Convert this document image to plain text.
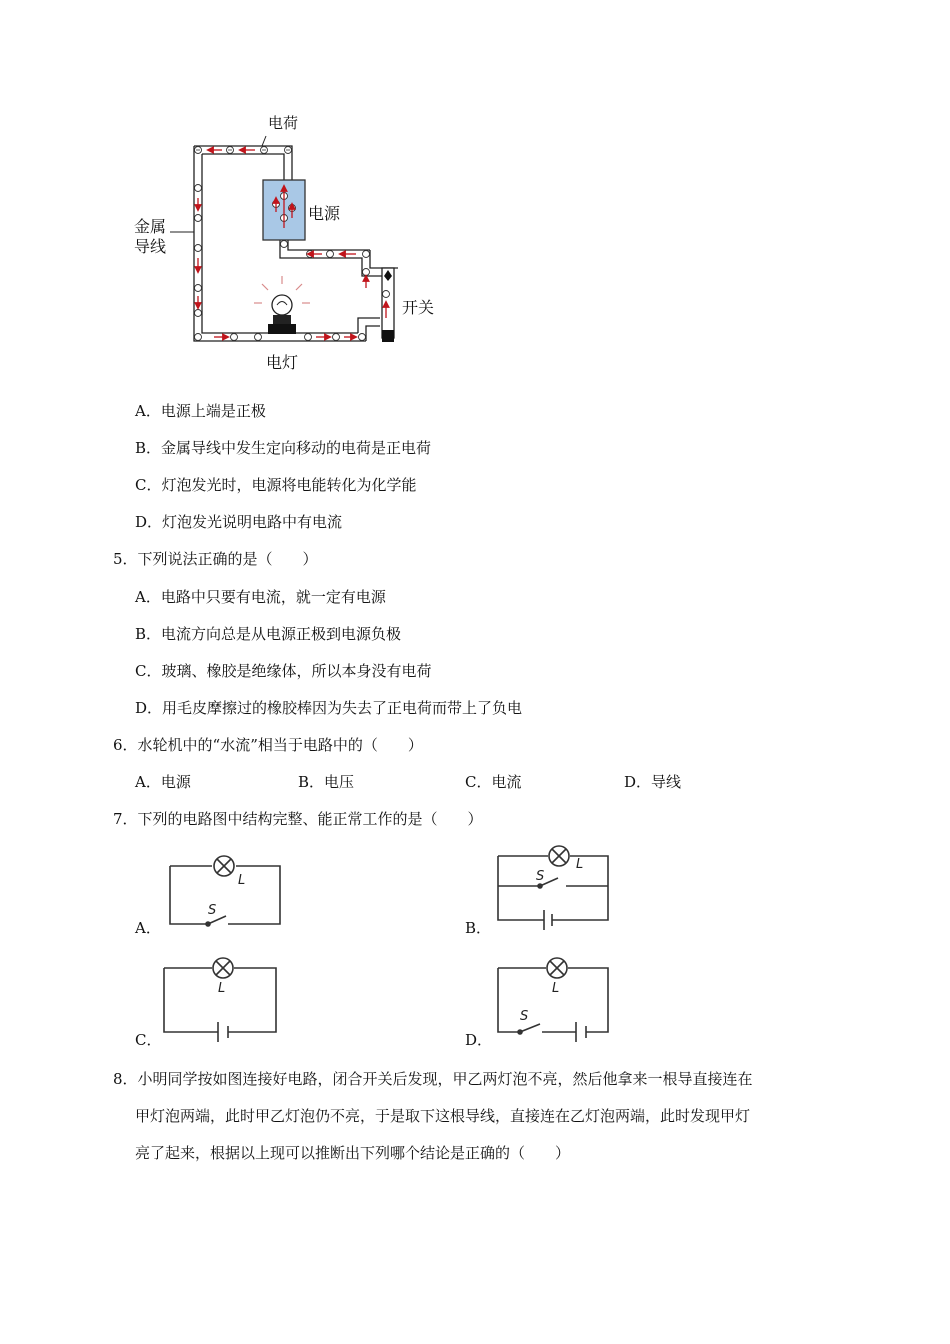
电荷
电源
金属
导线
开关
电灯
A．电源上端是正极
B．金属导线中发生定向移动的电荷是正电荷
C．灯泡发光时，电源将电能转化为化学能
D．灯泡发光说明电路中有电流
5．下列说法正确的是（　　）
A．电路中只要有电流，就一定有电源
B．电流方向总是从电源正极到电源负极
C．玻璃、橡胶是绝缘体，所以本身没有电荷
D．用毛皮摩擦过的橡胶棒因为失去了正电荷而带上了负电
6．水轮机中的“水流”相当于电路中的（　　）
A．电源	B．电压	C．电流	D．导线
7．下列的电路图中结构完整、能正常工作的是（　　）
A．
L
S
B．
L
S
C．
L
D．
L
S
8．小明同学按如图连接好电路，闭合开关后发现，甲乙两灯泡不亮，然后他拿来一根导直接连在
甲灯泡两端，此时甲乙灯泡仍不亮，于是取下这根导线，直接连在乙灯泡两端，此时发现甲灯
亮了起来，根据以上现可以推断出下列哪个结论是正确的（　　）
